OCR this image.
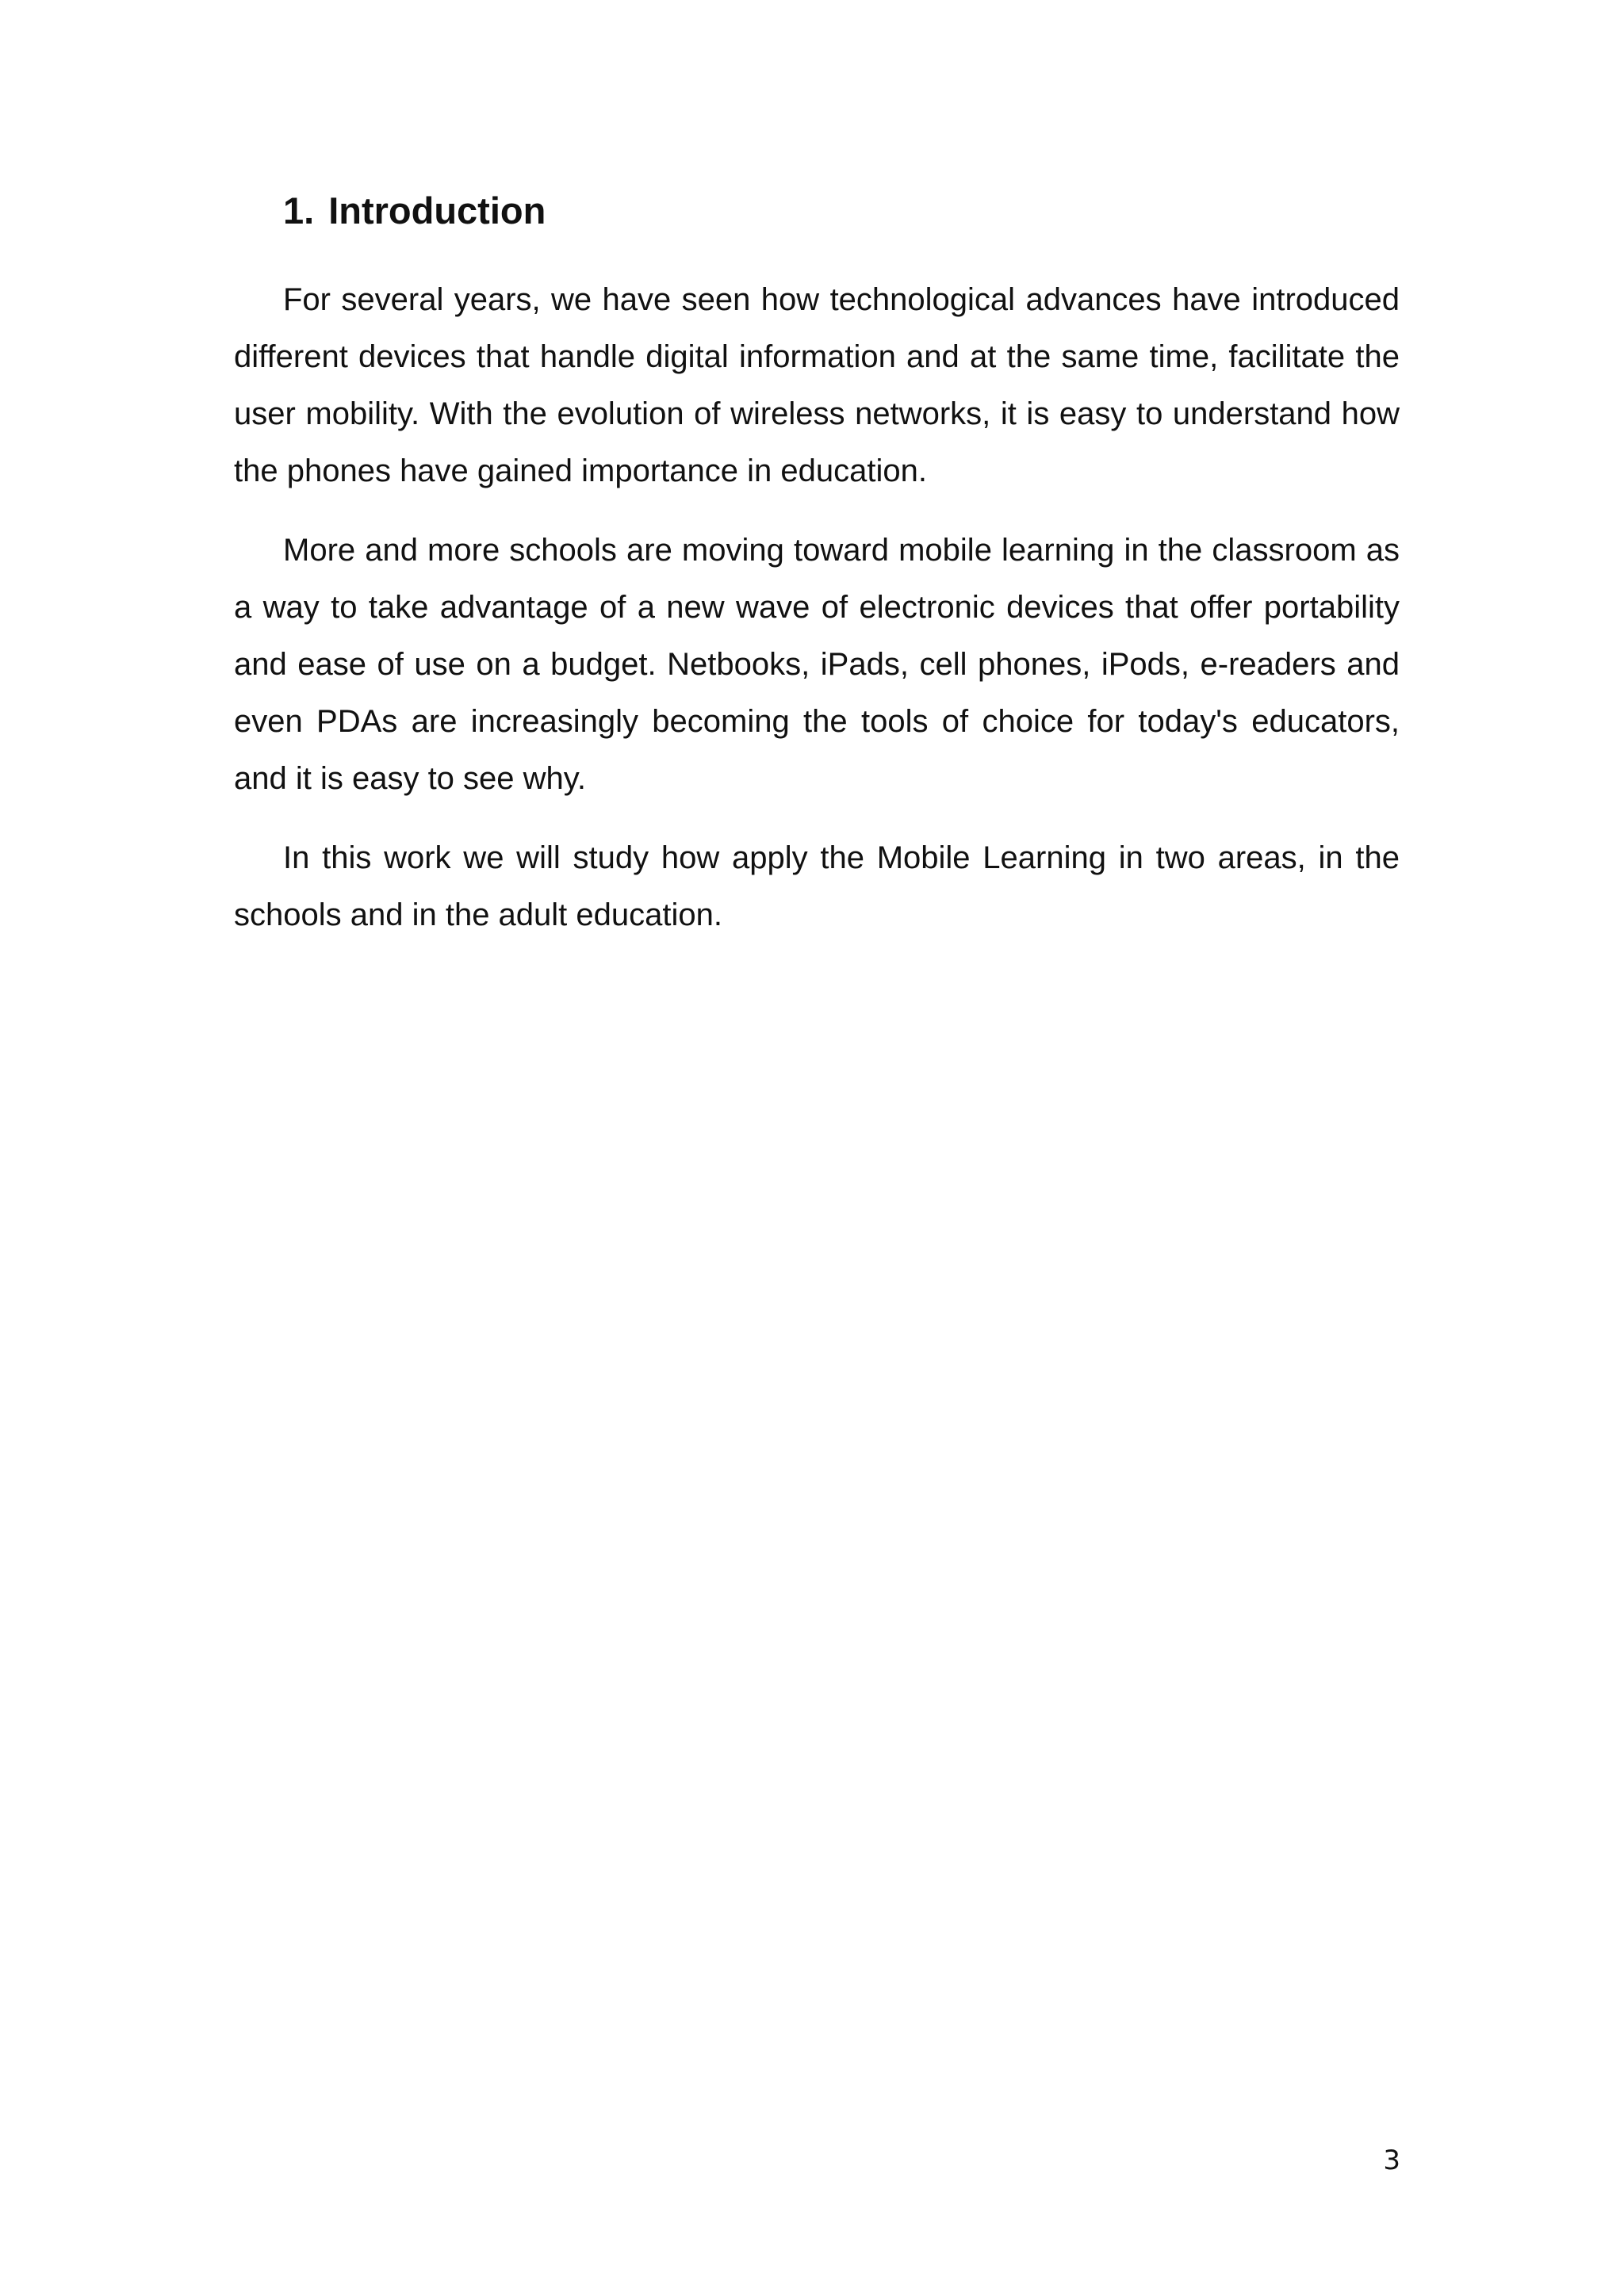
1. Introduction

For several years, we have seen how technological advances have introduced different devices that handle digital information and at the same time, facilitate the user mobility. With the evolution of wireless networks, it is easy to understand how the phones have gained importance in education.

More and more schools are moving toward mobile learning in the classroom as a way to take advantage of a new wave of electronic devices that offer portability and ease of use on a budget. Netbooks, iPads, cell phones, iPods, e-readers and even PDAs are increasingly becoming the tools of choice for today's educators, and it is easy to see why.

In this work we will study how apply the Mobile Learning in two areas, in the schools and in the adult education.

3
